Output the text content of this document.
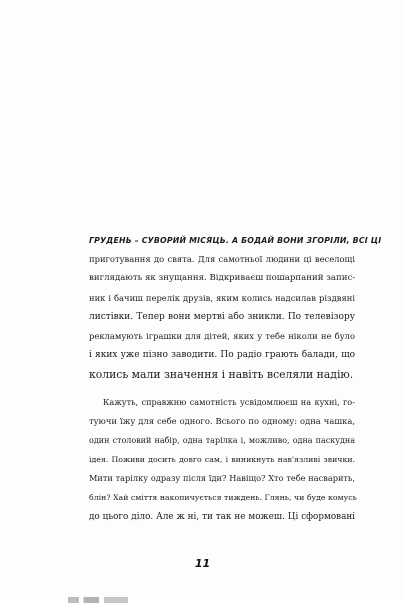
ГРУДЕНЬ – СУВОРИЙ МІСЯЦЬ. А БОДАЙ ВОНИ ЗГОРІЛИ, ВСІ ЦІ
приготування до свята. Для самотньої людини ці веселощі
виглядають як знущання. Відкриваєш пошарпаний запис-
ник і бачиш перелік друзів, яким колись надсилав різдвяні
листівки. Тепер вони мертві або зникли. По телевізору
рекламують іграшки для дітей, яких у тебе ніколи не було
і яких уже пізно заводити. По радіо грають балади, що
колись мали значення і навіть вселяли надію.
Кажуть, справжню самотність усвідомлюєш на кухні, го-
туючи їжу для себе одного. Всього по одному: одна чашка,
один столовий набір, одна тарілка і, можливо, одна паскудна
ідея. Поживи досить довго сам, і виникнуть нав'язливі звички.
Мити тарілку одразу після їди? Навіщо? Хто тебе насварить,
блін? Хай сміття накопичується тиждень. Глянь, чи буде комусь
до цього діло. Але ж ні, ти так не можеш. Ці сформовані
11
